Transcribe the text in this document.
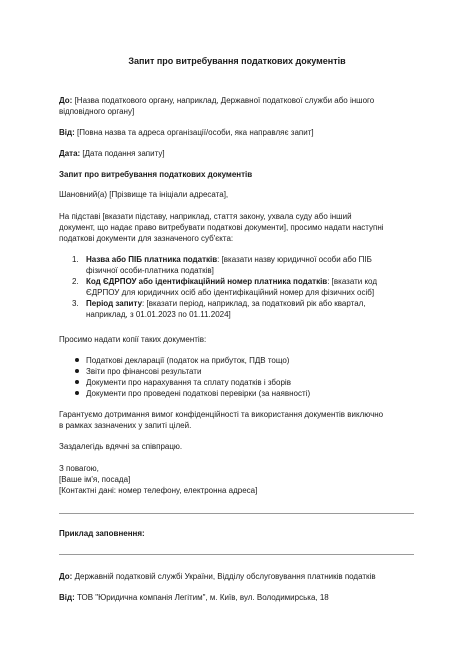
Запит про витребування податкових документів
До: [Назва податкового органу, наприклад, Державної податкової служби або іншого
відповідного органу]
Від: [Повна назва та адреса організації/особи, яка направляє запит]
Дата: [Дата подання запиту]
Запит про витребування податкових документів
Шановний(а) [Прізвище та ініціали адресата],
На підставі [вказати підставу, наприклад, стаття закону, ухвала суду або інший
документ, що надає право витребувати податкові документи], просимо надати наступні
податкові документи для зазначеного суб'єкта:
1. Назва або ПІБ платника податків: [вказати назву юридичної особи або ПІБ
фізичної особи-платника податків]
2. Код ЄДРПОУ або ідентифікаційний номер платника податків: [вказати код
ЄДРПОУ для юридичних осіб або ідентифікаційний номер для фізичних осіб]
3. Період запиту: [вказати період, наприклад, за податковий рік або квартал,
наприклад, з 01.01.2023 по 01.11.2024]
Просимо надати копії таких документів:
Податкові декларації (податок на прибуток, ПДВ тощо)
Звіти про фінансові результати
Документи про нарахування та сплату податків і зборів
Документи про проведені податкові перевірки (за наявності)
Гарантуємо дотримання вимог конфіденційності та використання документів виключно
в рамках зазначених у запиті цілей.
Заздалегідь вдячні за співпрацю.
З повагою,
[Ваше ім'я, посада]
[Контактні дані: номер телефону, електронна адреса]
Приклад заповнення:
До: Державній податковій службі України, Відділу обслуговування платників податків
Від: ТОВ "Юридична компанія Легітим", м. Київ, вул. Володимирська, 18
